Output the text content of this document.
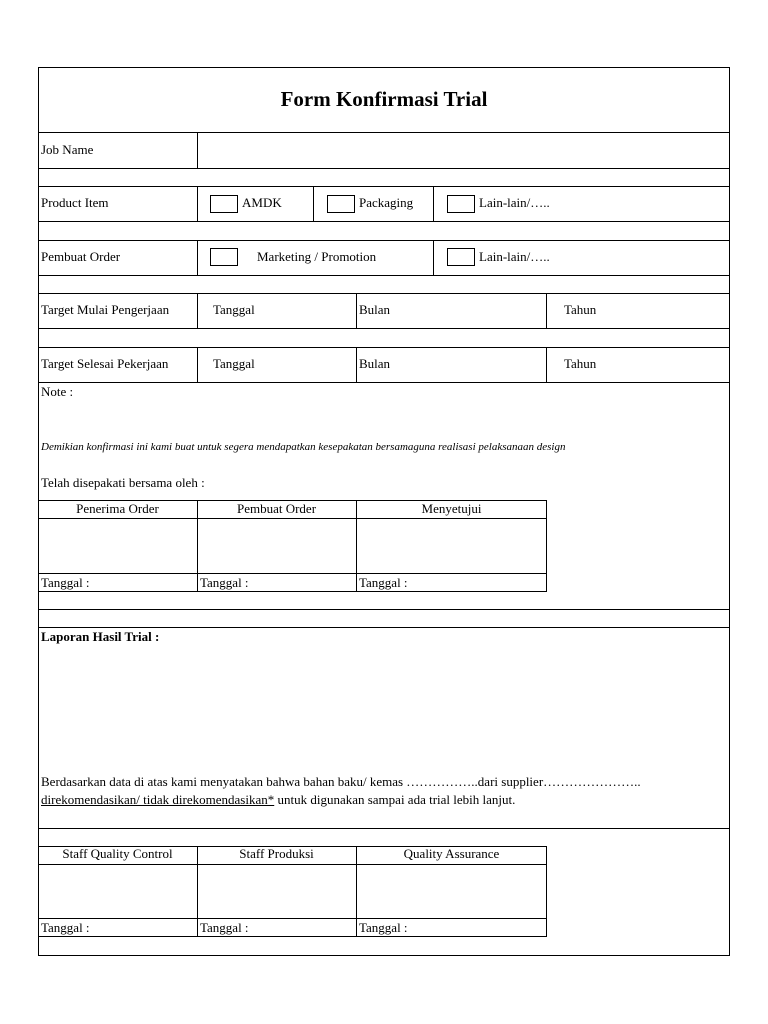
Form Konfirmasi Trial
Job Name
Product Item	AMDK	Packaging	Lain-lain/…..
Pembuat Order	Marketing / Promotion	Lain-lain/…..
Target Mulai Pengerjaan	Tanggal	Bulan	Tahun
Target Selesai Pekerjaan	Tanggal	Bulan	Tahun
Note :
Demikian konfirmasi ini kami buat untuk segera mendapatkan kesepakatan bersamaguna realisasi pelaksanaan design
Telah disepakati bersama oleh :
Penerima Order	Pembuat Order	Menyetujui
Tanggal :	Tanggal :	Tanggal :
Laporan Hasil Trial :
Berdasarkan data di atas kami menyatakan bahwa bahan baku/ kemas ……………..dari supplier…………………..
direkomendasikan/ tidak direkomendasikan* untuk digunakan sampai ada trial lebih lanjut.
Staff Quality Control	Staff Produksi	Quality Assurance
Tanggal :	Tanggal :	Tanggal :
